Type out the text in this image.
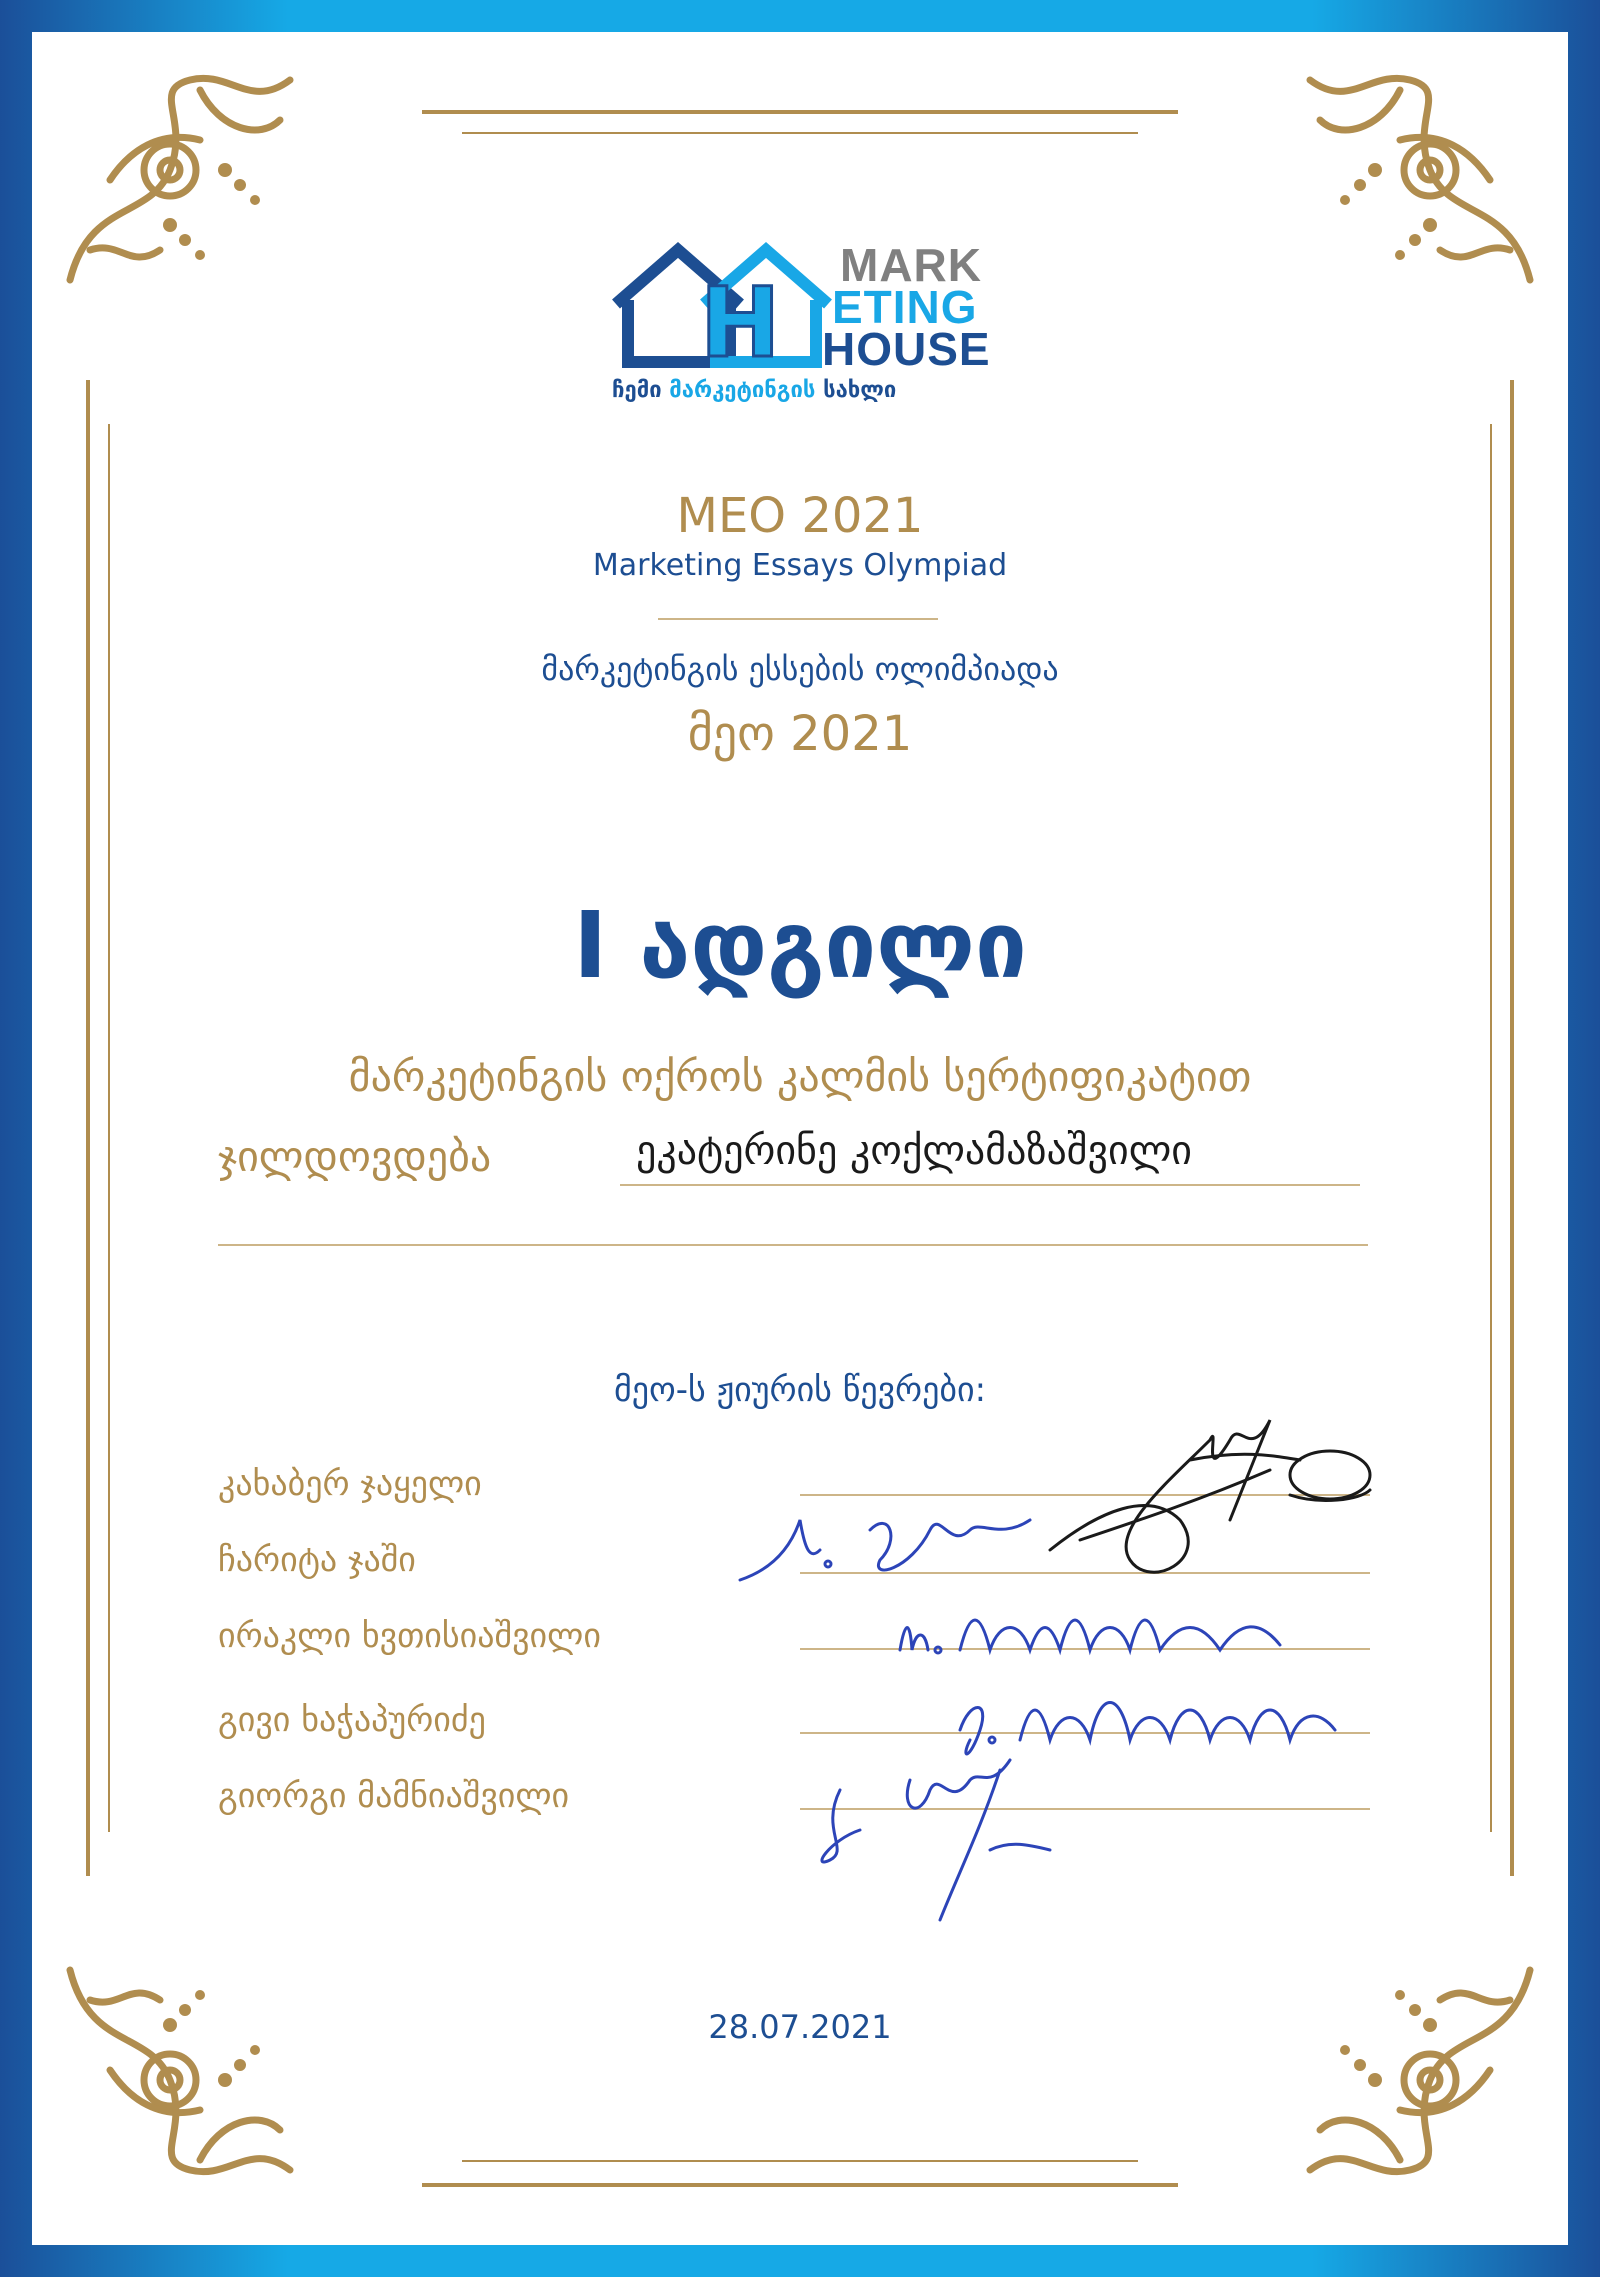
H
MARK
ETING
HOUSE
ჩემი მარკეტინგის სახლი
MEO 2021
Marketing Essays Olympiad
მარკეტინგის ესსების ოლიმპიადა
მეო 2021
I ადგილი
მარკეტინგის ოქროს კალმის სერტიფიკატით
ჯილდოვდება	ეკატერინე კოქლამაზაშვილი
მეო-ს ჟიურის წევრები:
კახაბერ ჯაყელი
ჩარიტა ჯაში
ირაკლი ხვთისიაშვილი
გივი ხაჭაპურიძე
გიორგი მამნიაშვილი
28.07.2021
